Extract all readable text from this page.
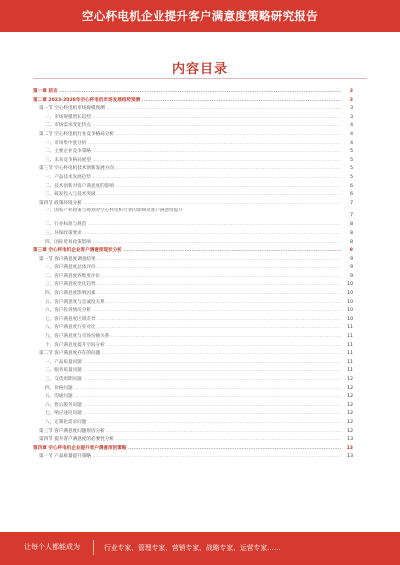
空心杯电机企业提升客户满意度策略研究报告
内容目录
第一章 前言 .....	3
第二章 2023-2028年空心杯电机市场发展趋势预测 .....	3
第一节 空心杯电机市场规模预测 .....	3
一、市场规模增长趋势 .....	3
二、市场需求变化特点 .....	4
第二节 空心杯电机行业竞争格局分析 .....	4
一、市场集中度分析 .....	4
二、主要企业竞争策略 .....	5
三、未来竞争格局展望 .....	5
第三节 空心杯电机技术创新发展方向 .....	5
一、产品技术发展趋势 .....	5
二、技术创新对客户满意度的影响 .....	6
三、研发投入与技术突破 .....	6
第四节 政策环境分析 .....	7
一、国家产业政策与规划对空心杯电机行业的影响及客户满意度提升
7
二、行业标准与规范 .....	8
三、环保政策要求 .....	8
四、国际贸易政策影响 .....	8
第三章 空心杯电机企业客户满意度现状分析 .....	9
第一节 客户满意度调查结果 .....	9
一、客户满意度总体评价 .....	9
二、客户满意度各维度评价 .....	9
三、客户满意度变化趋势 .....	10
四、客户满意度影响因素 .....	10
五、客户满意度与忠诚度关系 .....	10
六、客户投诉情况分析 .....	10
七、客户满意度区域差异 .....	10
八、客户满意度行业对比 .....	11
九、客户满意度与市场份额关系 .....	11
十、客户满意度提升空间分析 .....	11
第二节 客户满意度存在的问题 .....	11
一、产品质量问题 .....	11
二、服务质量问题 .....	11
三、交货周期问题 .....	12
四、价格问题 .....	12
五、沟通问题 .....	12
六、售后服务问题 .....	12
七、响应速度问题 .....	12
八、定制化需求问题 .....	12
第三节 客户满意度问题原因分析 .....	12
第四节 提升客户满意度的必要性分析 .....	13
第四章 空心杯电机企业提升客户满意度的策略 .....	13
第一节 产品质量提升策略 .....	13
让每个人都能成为	行业专家、管理专家、营销专家、战略专家、运营专家……
